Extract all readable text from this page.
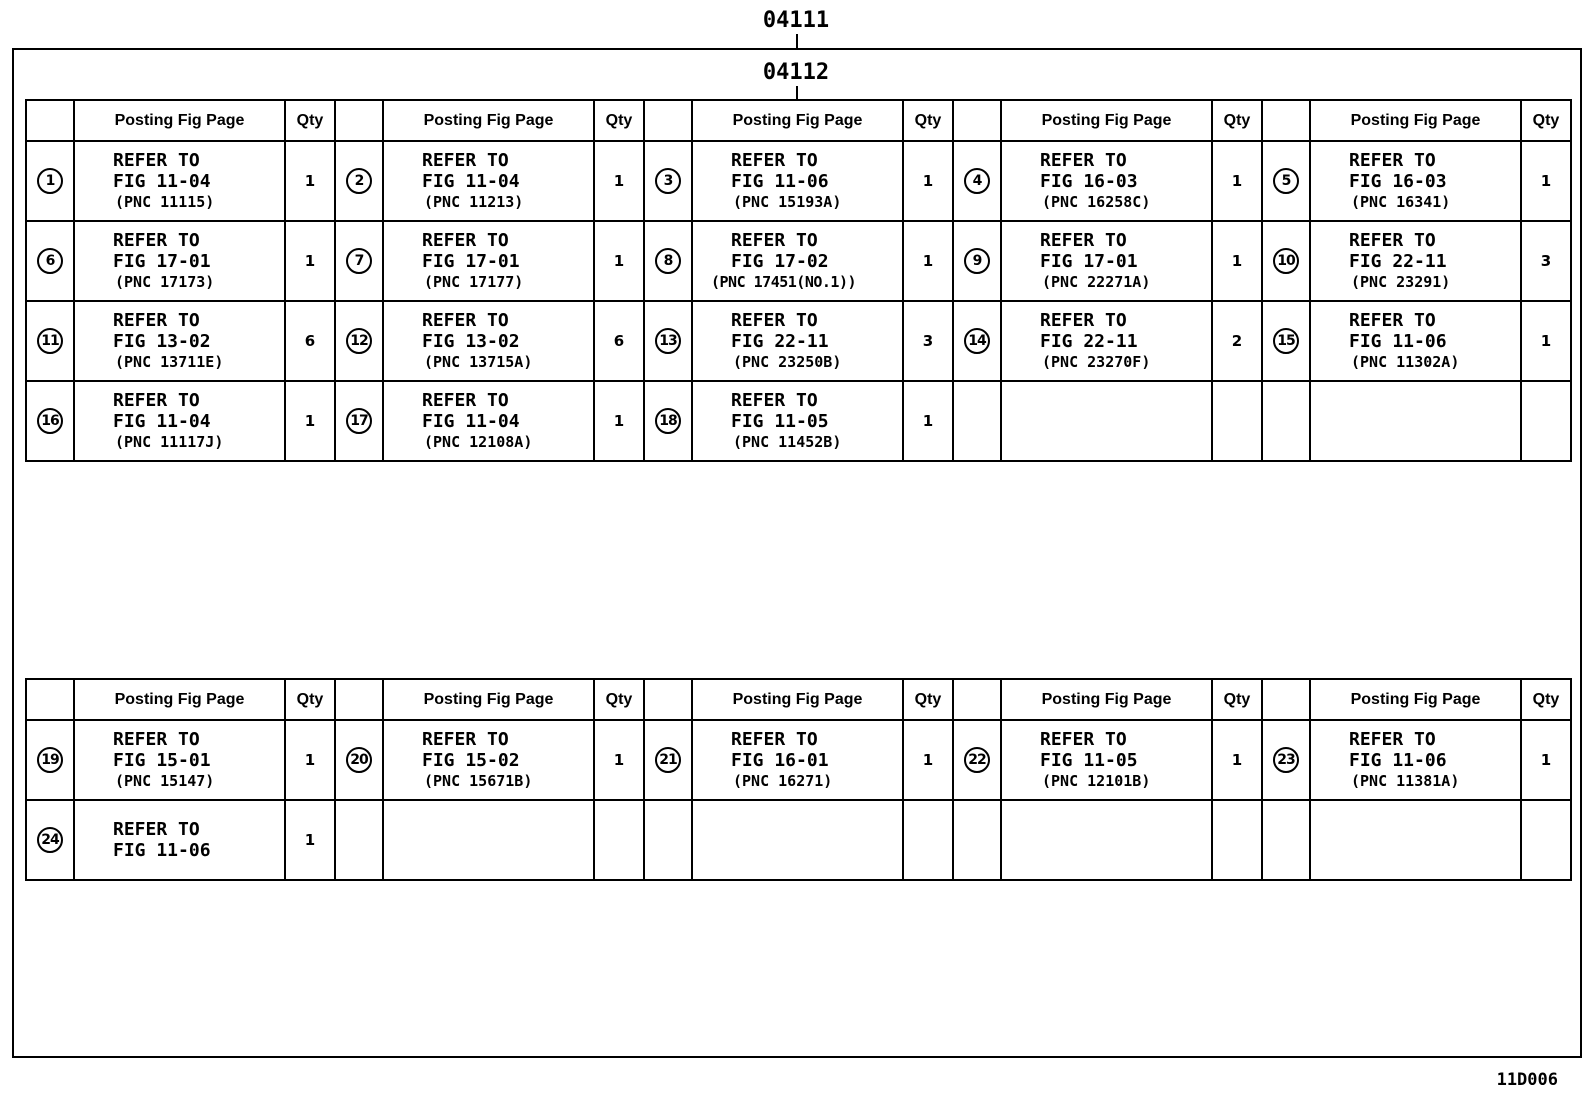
04111
04112
	Posting Fig Page	Qty		Posting Fig Page	Qty		Posting Fig Page	Qty		Posting Fig Page	Qty		Posting Fig Page	Qty
1	REFER TO
FIG 11-04
(PNC 11115)	1	2	REFER TO
FIG 11-04
(PNC 11213)	1	3	REFER TO
FIG 11-06
(PNC 15193A)	1	4	REFER TO
FIG 16-03
(PNC 16258C)	1	5	REFER TO
FIG 16-03
(PNC 16341)	1
6	REFER TO
FIG 17-01
(PNC 17173)	1	7	REFER TO
FIG 17-01
(PNC 17177)	1	8	REFER TO
FIG 17-02
(PNC 17451(NO.1))	1	9	REFER TO
FIG 17-01
(PNC 22271A)	1	10	REFER TO
FIG 22-11
(PNC 23291)	3
11	REFER TO
FIG 13-02
(PNC 13711E)	6	12	REFER TO
FIG 13-02
(PNC 13715A)	6	13	REFER TO
FIG 22-11
(PNC 23250B)	3	14	REFER TO
FIG 22-11
(PNC 23270F)	2	15	REFER TO
FIG 11-06
(PNC 11302A)	1
16	REFER TO
FIG 11-04
(PNC 11117J)	1	17	REFER TO
FIG 11-04
(PNC 12108A)	1	18	REFER TO
FIG 11-05
(PNC 11452B)	1						
	Posting Fig Page	Qty		Posting Fig Page	Qty		Posting Fig Page	Qty		Posting Fig Page	Qty		Posting Fig Page	Qty
19	REFER TO
FIG 15-01
(PNC 15147)	1	20	REFER TO
FIG 15-02
(PNC 15671B)	1	21	REFER TO
FIG 16-01
(PNC 16271)	1	22	REFER TO
FIG 11-05
(PNC 12101B)	1	23	REFER TO
FIG 11-06
(PNC 11381A)	1
24	REFER TO
FIG 11-06	1												
11D006
